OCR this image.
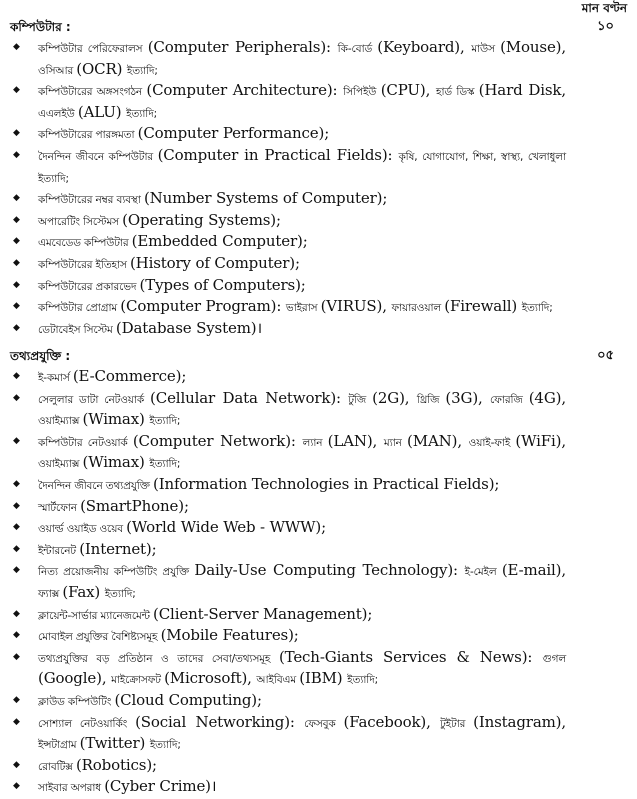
মান বণ্টন
১০
কম্পিউটার :
◆ কম্পিউটার পেরিফেরালস (Computer Peripherals): কি-বোর্ড (Keyboard), মাউস (Mouse), ওসিআর (OCR) ইত্যাদি;
◆ কম্পিউটারের অঙ্গসংগঠন (Computer Architecture): সিপিইউ (CPU), হার্ড ডিস্ক (Hard Disk, এএলইউ (ALU) ইত্যাদি;
◆ কম্পিউটারের পারঙ্গমতা (Computer Performance);
◆ দৈনন্দিন জীবনে কম্পিউটার (Computer in Practical Fields): কৃষি, যোগাযোগ, শিক্ষা, স্বাস্থ্য, খেলাধুলা ইত্যাদি;
◆ কম্পিউটারের নম্বর ব্যবস্থা (Number Systems of Computer);
◆ অপারেটিং সিস্টেমস (Operating Systems);
◆ এমবেডেড কম্পিউটার (Embedded Computer);
◆ কম্পিউটারের ইতিহাস (History of Computer);
◆ কম্পিউটারের প্রকারভেদ (Types of Computers);
◆ কম্পিউটার প্রোগ্রাম (Computer Program): ভাইরাস (VIRUS), ফায়ারওয়াল (Firewall) ইত্যাদি;
◆ ডেটাবেইস সিস্টেম (Database System)।
০৫
তথ্যপ্রযুক্তি :
◆ ই-কমার্স (E-Commerce);
◆ সেলুলার ডাটা নেটওয়ার্ক (Cellular Data Network): টুজি (2G), থ্রিজি (3G), ফোরজি (4G), ওয়াইম্যাক্স (Wimax) ইত্যাদি;
◆ কম্পিউটার নেটওয়ার্ক (Computer Network): ল্যান (LAN), ম্যান (MAN), ওয়াই-ফাই (WiFi), ওয়াইম্যাক্স (Wimax) ইত্যাদি;
◆ দৈনন্দিন জীবনে তথ্যপ্রযুক্তি (Information Technologies in Practical Fields);
◆ স্মার্টফোন (SmartPhone);
◆ ওয়ার্ল্ড ওয়াইড ওয়েব (World Wide Web - WWW);
◆ ইন্টারনেট (Internet);
◆ নিত্য প্রয়োজনীয় কম্পিউটিং প্রযুক্তি Daily-Use Computing Technology): ই-মেইল (E-mail), ফ্যাক্স (Fax) ইত্যাদি;
◆ ক্লায়েন্ট-সার্ভার ম্যানেজমেন্ট (Client-Server Management);
◆ মোবাইল প্রযুক্তির বৈশিষ্ট্যসমূহ (Mobile Features);
◆ তথ্যপ্রযুক্তির বড় প্রতিষ্ঠান ও তাদের সেবা/তথ্যসমূহ (Tech-Giants Services & News): গুগল (Google), মাইক্রোসফট (Microsoft), আইবিএম (IBM) ইত্যাদি;
◆ ক্লাউড কম্পিউটিং (Cloud Computing);
◆ সোশ্যাল নেটওয়ার্কিং (Social Networking): ফেসবুক (Facebook), টুইটার (Instagram), ইন্সটাগ্রাম (Twitter) ইত্যাদি;
◆ রোবটিক্স (Robotics);
◆ সাইবার অপরাধ (Cyber Crime)।
